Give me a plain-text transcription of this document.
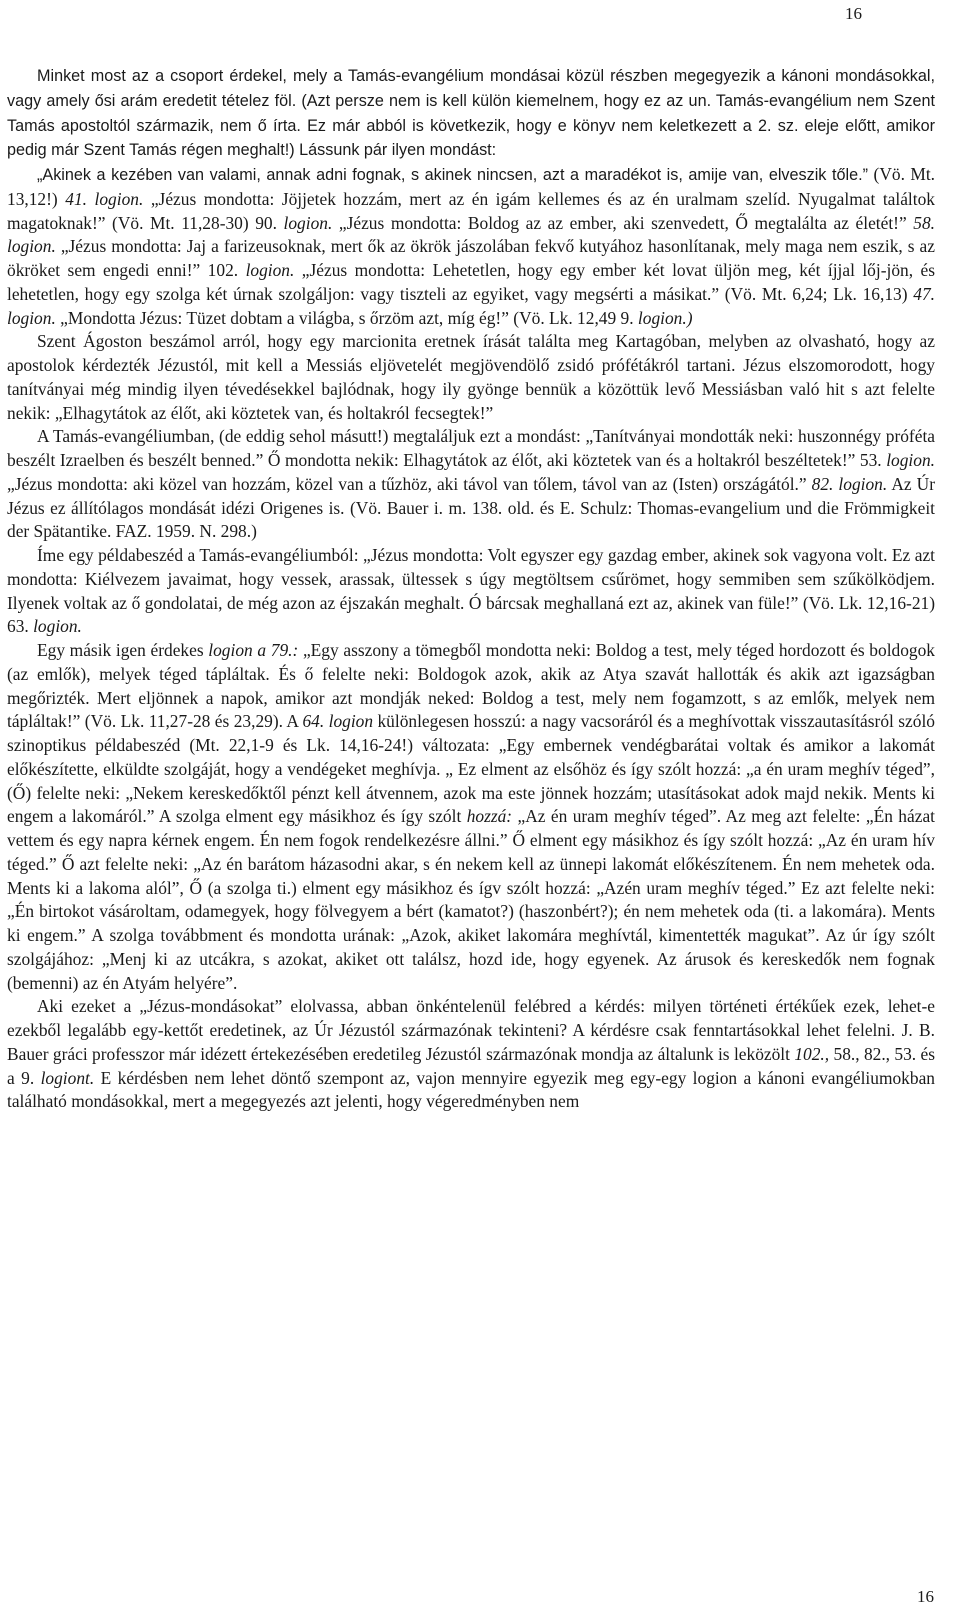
16

Minket most az a csoport érdekel, mely a Tamás-evangélium mondásai közül részben megegyezik a kánoni mondásokkal, vagy amely ősi arám eredetit tételez föl. (Azt persze nem is kell külön kiemelnem, hogy ez az un. Tamás-evangélium nem Szent Tamás apostoltól származik, nem ő írta. Ez már abból is következik, hogy e könyv nem keletkezett a 2. sz. eleje előtt, amikor pedig már Szent Tamás régen meghalt!) Lássunk pár ilyen mondást:

„Akinek a kezében van valami, annak adni fognak, s akinek nincsen, azt a maradékot is, amije van, elveszik tőle.” (Vö. Mt. 13,12!) 41. logion. „Jézus mondotta: Jöjjetek hozzám, mert az én igám kellemes és az én uralmam szelíd. Nyugalmat találtok magatoknak!” (Vö. Mt. 11,28-30) 90. logion. „Jézus mondotta: Boldog az az ember, aki szenvedett, Ő megtalálta az életét!” 58. logion. „Jézus mondotta: Jaj a farizeusoknak, mert ők az ökrök jászolában fekvő kutyához hasonlítanak, mely maga nem eszik, s az ökröket sem engedi enni!” 102. logion. „Jézus mondotta: Lehetetlen, hogy egy ember két lovat üljön meg, két íjjal lőj-jön, és lehetetlen, hogy egy szolga két úrnak szolgáljon: vagy tiszteli az egyiket, vagy megsérti a másikat.” (Vö. Mt. 6,24; Lk. 16,13) 47. logion. „Mondotta Jézus: Tüzet dobtam a világba, s őrzöm azt, míg ég!” (Vö. Lk. 12,49 9. logion.)

Szent Ágoston beszámol arról, hogy egy marcionita eretnek írását találta meg Kartagóban, melyben az olvasható, hogy az apostolok kérdezték Jézustól, mit kell a Messiás eljövetelét megjövendölő zsidó prófétákról tartani. Jézus elszomorodott, hogy tanítványai még mindig ilyen tévedésekkel bajlódnak, hogy ily gyönge bennük a közöttük levő Messiásban való hit s azt felelte nekik: „Elhagytátok az élőt, aki köztetek van, és holtakról fecsegtek!”

A Tamás-evangéliumban, (de eddig sehol másutt!) megtaláljuk ezt a mondást: „Tanítványai mondották neki: huszonnégy próféta beszélt Izraelben és beszélt benned.” Ő mondotta nekik: Elhagytátok az élőt, aki köztetek van és a holtakról beszéltetek!” 53. logion. „Jézus mondotta: aki közel van hozzám, közel van a tűzhöz, aki távol van tőlem, távol van az (Isten) országától.” 82. logion. Az Úr Jézus ez állítólagos mondását idézi Origenes is. (Vö. Bauer i. m. 138. old. és E. Schulz: Thomas-evangelium und die Frömmigkeit der Spätantike. FAZ. 1959. N. 298.)

Íme egy példabeszéd a Tamás-evangéliumból: „Jézus mondotta: Volt egyszer egy gazdag ember, akinek sok vagyona volt. Ez azt mondotta: Kiélvezem javaimat, hogy vessek, arassak, ültessek s úgy megtöltsem csűrömet, hogy semmiben sem szűkölködjem. Ilyenek voltak az ő gondolatai, de még azon az éjszakán meghalt. Ó bárcsak meghallaná ezt az, akinek van füle!” (Vö. Lk. 12,16-21) 63. logion.

Egy másik igen érdekes logion a 79.: „Egy asszony a tömegből mondotta neki: Boldog a test, mely téged hordozott és boldogok (az emlők), melyek téged tápláltak. És ő felelte neki: Boldogok azok, akik az Atya szavát hallották és akik azt igazságban megőrizték. Mert eljönnek a napok, amikor azt mondják neked: Boldog a test, mely nem fogamzott, s az emlők, melyek nem tápláltak!” (Vö. Lk. 11,27-28 és 23,29). A 64. logion különlegesen hosszú: a nagy vacsoráról és a meghívottak visszautasításról szóló szinoptikus példabeszéd (Mt. 22,1-9 és Lk. 14,16-24!) változata: „Egy embernek vendégbarátai voltak és amikor a lakomát előkészítette, elküldte szolgáját, hogy a vendégeket meghívja. „ Ez elment az elsőhöz és így szólt hozzá: „a én uram meghív téged”, (Ő) felelte neki: „Nekem kereskedőktől pénzt kell átvennem, azok ma este jönnek hozzám; utasításokat adok majd nekik. Ments ki engem a lakomáról.” A szolga elment egy másikhoz és így szólt hozzá: „Az én uram meghív téged”. Az meg azt felelte: „Én házat vettem és egy napra kérnek engem. Én nem fogok rendelkezésre állni.” Ő elment egy másikhoz és így szólt hozzá: „Az én uram hív téged.” Ő azt felelte neki: „Az én barátom házasodni akar, s én nekem kell az ünnepi lakomát előkészítenem. Én nem mehetek oda. Ments ki a lakoma alól”, Ő (a szolga ti.) elment egy másikhoz és ígv szólt hozzá: „Azén uram meghív téged.” Ez azt felelte neki: „Én birtokot vásároltam, odamegyek, hogy fölvegyem a bért (kamatot?) (haszonbért?); én nem mehetek oda (ti. a lakomára). Ments ki engem.” A szolga továbbment és mondotta urának: „Azok, akiket lakomára meghívtál, kimentették magukat”. Az úr így szólt szolgájához: „Menj ki az utcákra, s azokat, akiket ott találsz, hozd ide, hogy egyenek. Az árusok és kereskedők nem fognak (bemenni) az én Atyám helyére”.

Aki ezeket a „Jézus-mondásokat” elolvassa, abban önkéntelenül felébred a kérdés: milyen történeti értékűek ezek, lehet-e ezekből legalább egy-kettőt eredetinek, az Úr Jézustól származónak tekinteni? A kérdésre csak fenntartásokkal lehet felelni. J. B. Bauer gráci professzor már idézett értekezésében eredetileg Jézustól származónak mondja az általunk is leközölt 102., 58., 82., 53. és a 9. logiont. E kérdésben nem lehet döntő szempont az, vajon mennyire egyezik meg egy-egy logion a kánoni evangéliumokban található mondásokkal, mert a megegyezés azt jelenti, hogy végeredményben nem

16
